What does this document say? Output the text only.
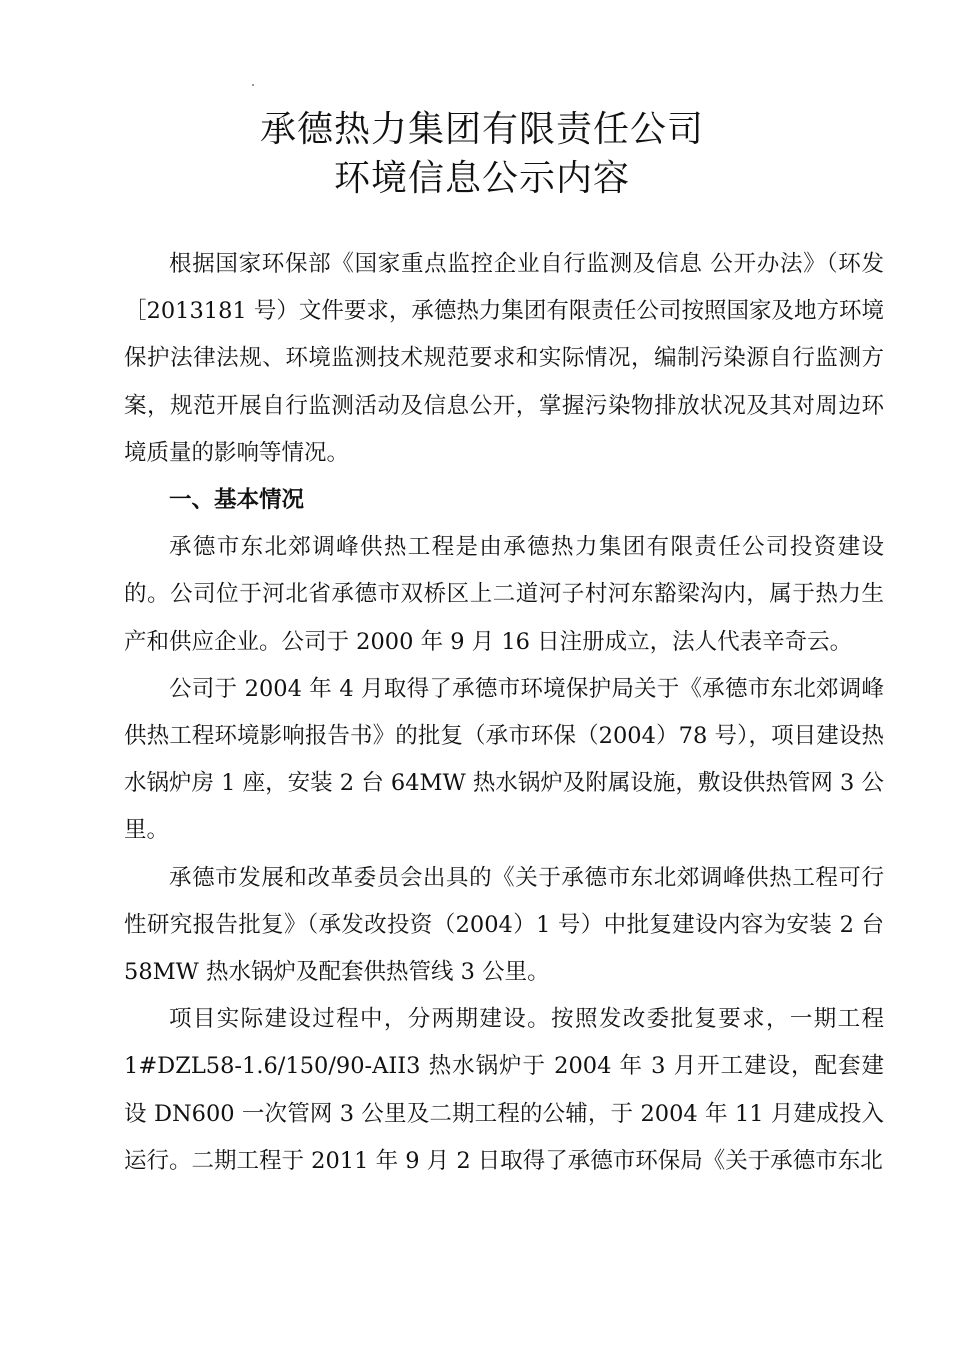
承德热力集团有限责任公司
环境信息公示内容

根据国家环保部《国家重点监控企业自行监测及信息 公开办法》（环发［2013181 号）文件要求，承德热力集团有限责任公司按照国家及地方环境保护法律法规、环境监测技术规范要求和实际情况，编制污染源自行监测方案，规范开展自行监测活动及信息公开，掌握污染物排放状况及其对周边环境质量的影响等情况。

一、基本情况

承德市东北郊调峰供热工程是由承德热力集团有限责任公司投资建设的。公司位于河北省承德市双桥区上二道河子村河东豁梁沟内，属于热力生产和供应企业。公司于 2000 年 9 月 16 日注册成立，法人代表辛奇云。

公司于 2004 年 4 月取得了承德市环境保护局关于《承德市东北郊调峰供热工程环境影响报告书》的批复（承市环保（2004）78 号），项目建设热水锅炉房 1 座，安装 2 台 64MW 热水锅炉及附属设施，敷设供热管网 3 公里。

承德市发展和改革委员会出具的《关于承德市东北郊调峰供热工程可行性研究报告批复》（承发改投资（2004）1 号）中批复建设内容为安装 2 台 58MW 热水锅炉及配套供热管线 3 公里。

项目实际建设过程中，分两期建设。按照发改委批复要求，一期工程 1#DZL58-1.6/150/90-AII3 热水锅炉于 2004 年 3 月开工建设，配套建设 DN600 一次管网 3 公里及二期工程的公辅，于 2004 年 11 月建成投入运行。二期工程于 2011 年 9 月 2 日取得了承德市环保局《关于承德市东北
